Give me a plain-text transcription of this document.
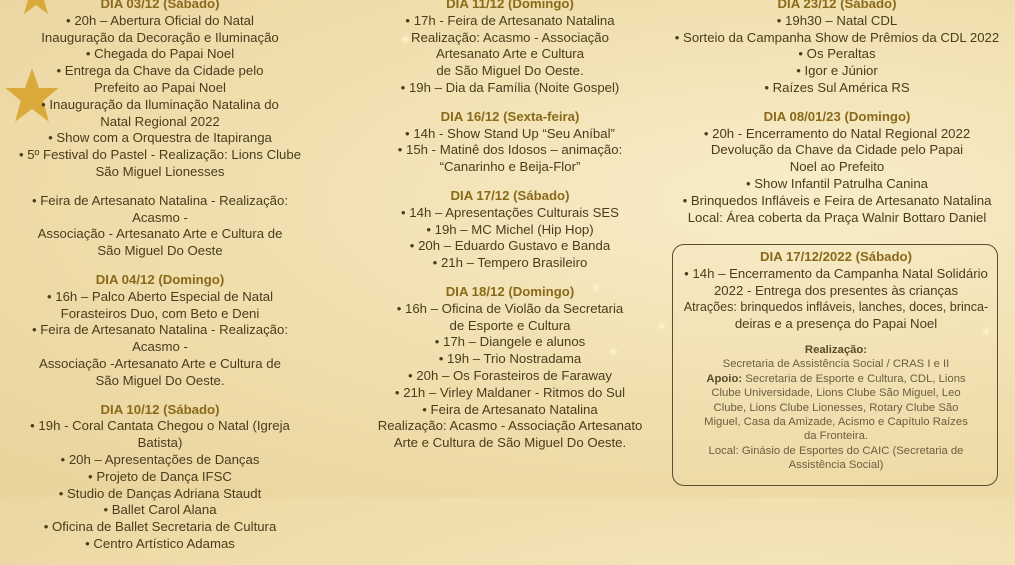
DIA 03/12 (Sábado)
• 20h – Abertura Oficial do Natal
Inauguração da Decoração e Iluminação
• Chegada do Papai Noel
• Entrega da Chave da Cidade pelo
Prefeito ao Papai Noel
• Inauguração da Iluminação Natalina do
Natal Regional 2022
• Show com a Orquestra de Itapiranga
• 5º Festival do Pastel - Realização: Lions Clube
São Miguel Lionesses
• Feira de Artesanato Natalina - Realização: Acasmo -
Associação - Artesanato Arte e Cultura de
São Miguel Do Oeste
DIA 04/12 (Domingo)
• 16h – Palco Aberto Especial de Natal
Forasteiros Duo, com Beto e Deni
• Feira de Artesanato Natalina - Realização: Acasmo -
Associação -Artesanato Arte e Cultura de
São Miguel Do Oeste.
DIA 10/12 (Sábado)
• 19h - Coral Cantata Chegou o Natal (Igreja Batista)
• 20h – Apresentações de Danças
• Projeto de Dança IFSC
• Studio de Danças Adriana Staudt
• Ballet Carol Alana
• Oficina de Ballet Secretaria de Cultura
• Centro Artístico Adamas
DIA 11/12 (Domingo)
• 17h - Feira de Artesanato Natalina
Realização: Acasmo - Associação
Artesanato Arte e Cultura
de São Miguel Do Oeste.
• 19h – Dia da Família (Noite Gospel)
DIA 16/12 (Sexta-feira)
• 14h - Show Stand Up “Seu Aníbal”
• 15h - Matinê dos Idosos – animação:
“Canarinho e Beija-Flor”
DIA 17/12 (Sábado)
• 14h – Apresentações Culturais SES
• 19h – MC Michel (Hip Hop)
• 20h – Eduardo Gustavo e Banda
• 21h – Tempero Brasileiro
DIA 18/12 (Domingo)
• 16h – Oficina de Violão da Secretaria
de Esporte e Cultura
• 17h – Diangele e alunos
• 19h – Trio Nostradama
• 20h – Os Forasteiros de Faraway
• 21h – Virley Maldaner - Ritmos do Sul
• Feira de Artesanato Natalina
Realização: Acasmo - Associação Artesanato
Arte e Cultura de São Miguel Do Oeste.
DIA 23/12 (Sábado)
• 19h30 – Natal CDL
• Sorteio da Campanha Show de Prêmios da CDL 2022
• Os Peraltas
• Igor e Júnior
• Raízes Sul América RS
DIA 08/01/23 (Domingo)
• 20h - Encerramento do Natal Regional 2022
Devolução da Chave da Cidade pelo Papai
Noel ao Prefeito
• Show Infantil Patrulha Canina
• Brinquedos Infláveis e Feira de Artesanato Natalina
Local: Área coberta da Praça Walnir Bottaro Daniel
DIA 17/12/2022 (Sábado)
• 14h – Encerramento da Campanha Natal Solidário
2022 - Entrega dos presentes às crianças
Atrações: brinquedos infláveis, lanches, doces, brinca-
deiras e a presença do Papai Noel
Realização:
Secretaria de Assistência Social / CRAS I e II
Apoio: Secretaria de Esporte e Cultura, CDL, Lions
Clube Universidade, Lions Clube São Miguel, Leo
Clube, Lions Clube Lionesses, Rotary Clube São
Miguel, Casa da Amizade, Acismo e Capítulo Raízes
da Fronteira.
Local: Ginásio de Esportes do CAIC (Secretaria de
Assistência Social)
